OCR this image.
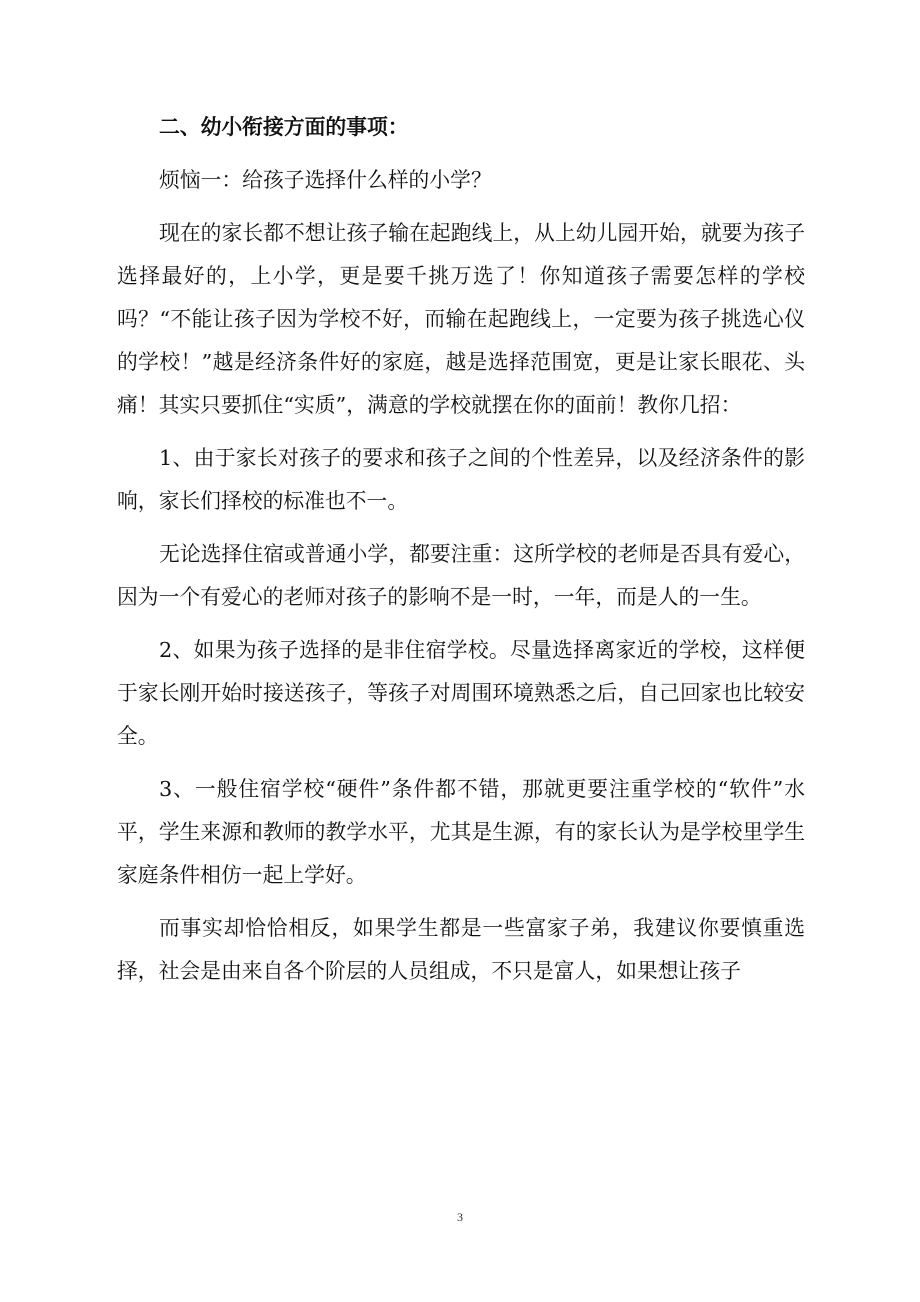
二、幼小衔接方面的事项：

烦恼一：给孩子选择什么样的小学？

现在的家长都不想让孩子输在起跑线上，从上幼儿园开始，就要为孩子选择最好的，上小学，更是要千挑万选了！你知道孩子需要怎样的学校吗？“不能让孩子因为学校不好，而输在起跑线上，一定要为孩子挑选心仪的学校！”越是经济条件好的家庭，越是选择范围宽，更是让家长眼花、头痛！其实只要抓住“实质”，满意的学校就摆在你的面前！教你几招：

1、由于家长对孩子的要求和孩子之间的个性差异，以及经济条件的影响，家长们择校的标准也不一。

无论选择住宿或普通小学，都要注重：这所学校的老师是否具有爱心，因为一个有爱心的老师对孩子的影响不是一时，一年，而是人的一生。

2、如果为孩子选择的是非住宿学校。尽量选择离家近的学校，这样便于家长刚开始时接送孩子，等孩子对周围环境熟悉之后，自己回家也比较安全。

3、一般住宿学校“硬件”条件都不错，那就更要注重学校的“软件”水平，学生来源和教师的教学水平，尤其是生源，有的家长认为是学校里学生家庭条件相仿一起上学好。

而事实却恰恰相反，如果学生都是一些富家子弟，我建议你要慎重选择，社会是由来自各个阶层的人员组成，不只是富人，如果想让孩子

3
